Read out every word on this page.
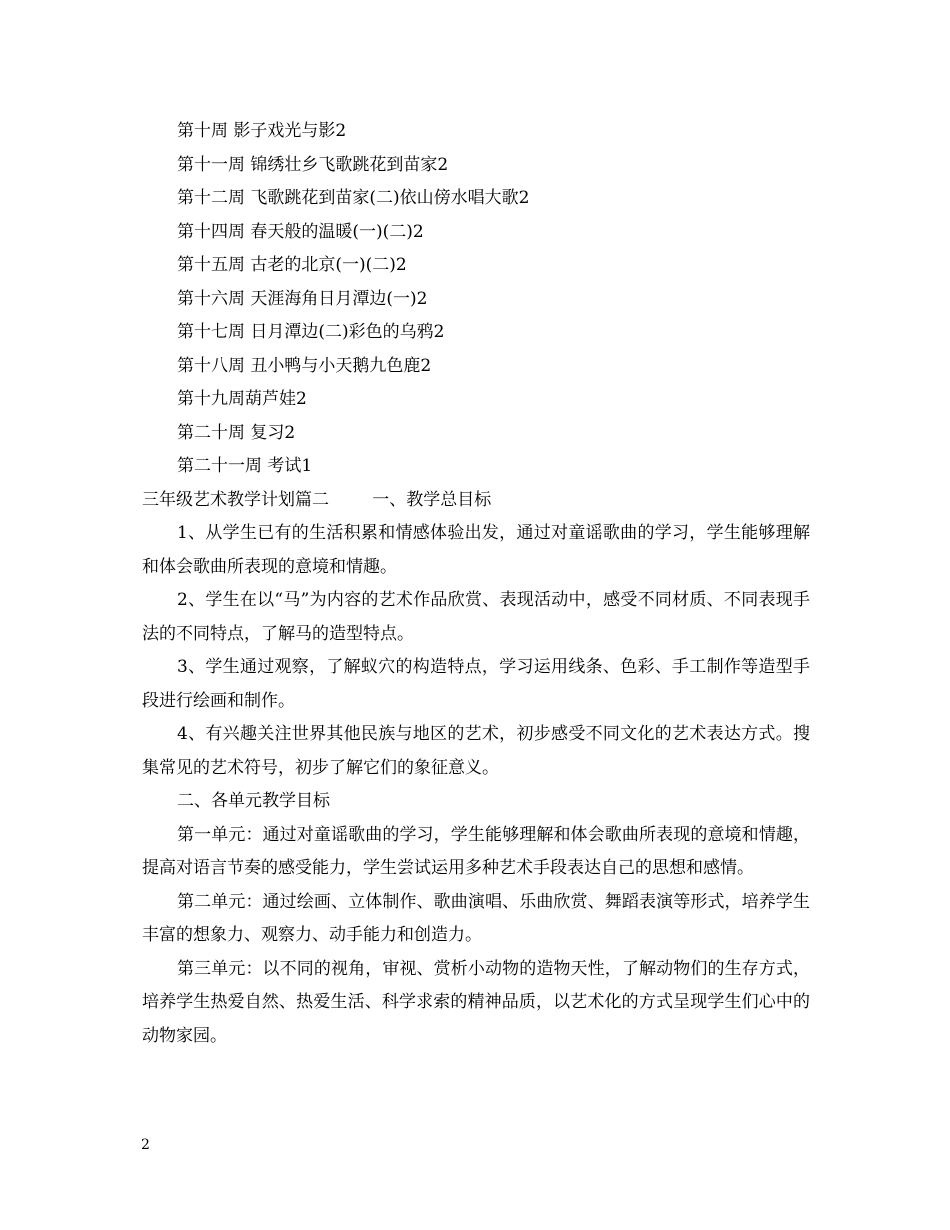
第十周 影子戏光与影2
第十一周 锦绣壮乡飞歌跳花到苗家2
第十二周 飞歌跳花到苗家(二)依山傍水唱大歌2
第十四周 春天般的温暖(一)(二)2
第十五周 古老的北京(一)(二)2
第十六周 天涯海角日月潭边(一)2
第十七周 日月潭边(二)彩色的乌鸦2
第十八周 丑小鸭与小天鹅九色鹿2
第十九周葫芦娃2
第二十周 复习2
第二十一周 考试1
三年级艺术教学计划篇二        一、教学总目标

1、从学生已有的生活积累和情感体验出发，通过对童谣歌曲的学习，学生能够理解和体会歌曲所表现的意境和情趣。

2、学生在以“马”为内容的艺术作品欣赏、表现活动中，感受不同材质、不同表现手法的不同特点，了解马的造型特点。

3、学生通过观察，了解蚁穴的构造特点，学习运用线条、色彩、手工制作等造型手段进行绘画和制作。

4、有兴趣关注世界其他民族与地区的艺术，初步感受不同文化的艺术表达方式。搜集常见的艺术符号，初步了解它们的象征意义。

二、各单元教学目标

第一单元：通过对童谣歌曲的学习，学生能够理解和体会歌曲所表现的意境和情趣，提高对语言节奏的感受能力，学生尝试运用多种艺术手段表达自己的思想和感情。

第二单元：通过绘画、立体制作、歌曲演唱、乐曲欣赏、舞蹈表演等形式，培养学生丰富的想象力、观察力、动手能力和创造力。

第三单元：以不同的视角，审视、赏析小动物的造物天性，了解动物们的生存方式，培养学生热爱自然、热爱生活、科学求索的精神品质，以艺术化的方式呈现学生们心中的动物家园。

2
